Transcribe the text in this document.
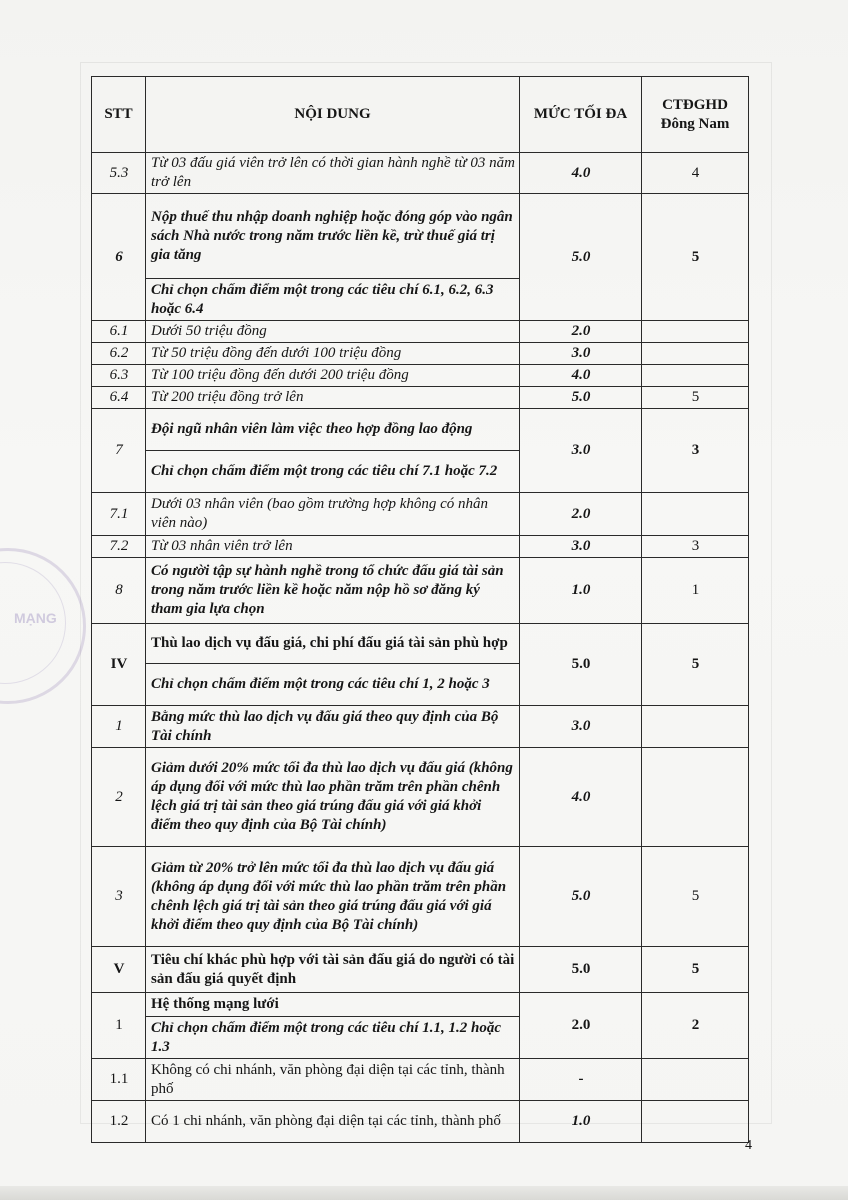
MẠNG
STT	NỘI DUNG	MỨC TỐI ĐA	CTĐGHD Đông Nam
5.3	Từ 03 đấu giá viên trở lên có thời gian hành nghề từ 03 năm trở lên	4.0	4
6	Nộp thuế thu nhập doanh nghiệp hoặc đóng góp vào ngân sách Nhà nước trong năm trước liền kề, trừ thuế giá trị gia tăng	5.0	5
	Chỉ chọn chấm điểm một trong các tiêu chí 6.1, 6.2, 6.3 hoặc 6.4		
6.1	Dưới 50 triệu đồng	2.0	
6.2	Từ 50 triệu đồng đến dưới 100 triệu đồng	3.0	
6.3	Từ 100 triệu đồng đến dưới 200 triệu đồng	4.0	
6.4	Từ 200 triệu đồng trở lên	5.0	5
7	Đội ngũ nhân viên làm việc theo hợp đồng lao động	3.0	3
	Chỉ chọn chấm điểm một trong các tiêu chí 7.1 hoặc 7.2		
7.1	Dưới 03 nhân viên (bao gồm trường hợp không có nhân viên nào)	2.0	
7.2	Từ 03 nhân viên trở lên	3.0	3
8	Có người tập sự hành nghề trong tổ chức đấu giá tài sản trong năm trước liền kề hoặc năm nộp hồ sơ đăng ký tham gia lựa chọn	1.0	1
IV	Thù lao dịch vụ đấu giá, chi phí đấu giá tài sản phù hợp	5.0	5
	Chỉ chọn chấm điểm một trong các tiêu chí 1, 2 hoặc 3		
1	Bằng mức thù lao dịch vụ đấu giá theo quy định của Bộ Tài chính	3.0	
2	Giảm dưới 20% mức tối đa thù lao dịch vụ đấu giá (không áp dụng đối với mức thù lao phần trăm trên phần chênh lệch giá trị tài sản theo giá trúng đấu giá với giá khởi điểm theo quy định của Bộ Tài chính)	4.0	
3	Giảm từ 20% trở lên mức tối đa thù lao dịch vụ đấu giá (không áp dụng đối với mức thù lao phần trăm trên phần chênh lệch giá trị tài sản theo giá trúng đấu giá với giá khởi điểm theo quy định của Bộ Tài chính)	5.0	5
V	Tiêu chí khác phù hợp với tài sản đấu giá do người có tài sản đấu giá quyết định	5.0	5
1	Hệ thống mạng lưới	2.0	2
	Chỉ chọn chấm điểm một trong các tiêu chí 1.1, 1.2 hoặc 1.3		
1.1	Không có chi nhánh, văn phòng đại diện tại các tỉnh, thành phố	-	
1.2	Có 1 chi nhánh, văn phòng đại diện tại các tỉnh, thành phố	1.0	
4
